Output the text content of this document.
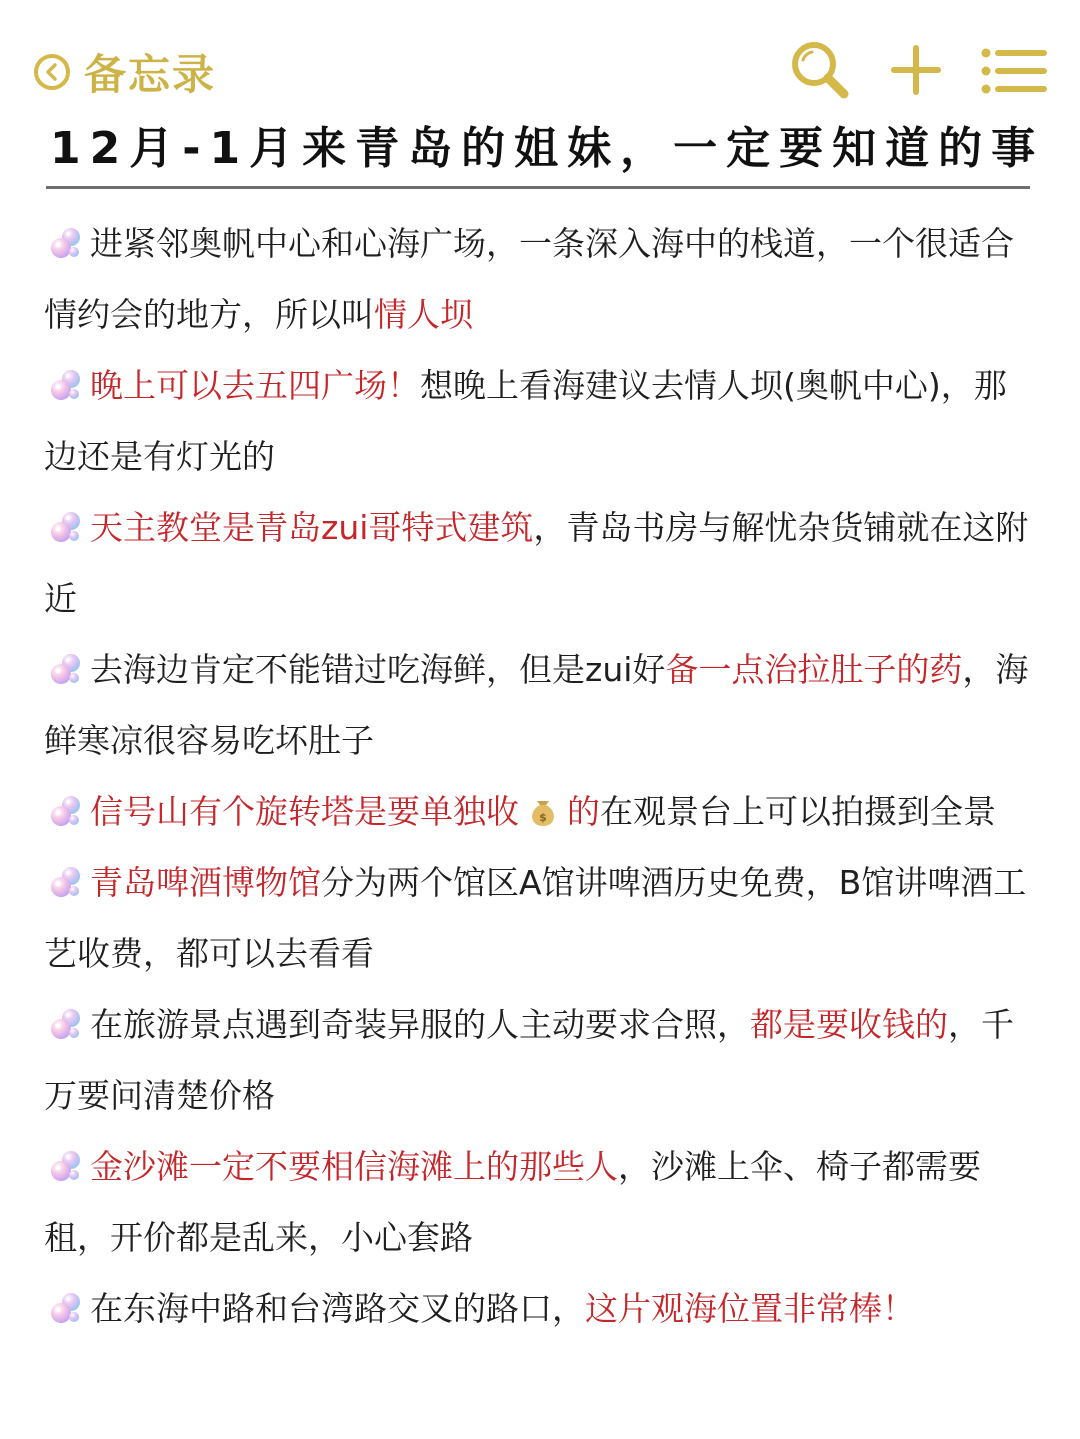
备忘录
12月-1月来青岛的姐妹，一定要知道的事
进紧邻奥帆中心和心海广场，一条深入海中的栈道，一个很适合情约会的地方，所以叫情人坝
晚上可以去五四广场！想晚上看海建议去情人坝(奥帆中心)，那边还是有灯光的
天主教堂是青岛zui哥特式建筑，青岛书房与解忧杂货铺就在这附近
去海边肯定不能错过吃海鲜，但是zui好备一点治拉肚子的药，海鲜寒凉很容易吃坏肚子
信号山有个旋转塔是要单独收 $ 的在观景台上可以拍摄到全景
青岛啤酒博物馆分为两个馆区A馆讲啤酒历史免费，B馆讲啤酒工艺收费，都可以去看看
在旅游景点遇到奇装异服的人主动要求合照，都是要收钱的，千万要问清楚价格
金沙滩一定不要相信海滩上的那些人，沙滩上伞、椅子都需要租，开价都是乱来，小心套路
在东海中路和台湾路交叉的路口，这片观海位置非常棒！
